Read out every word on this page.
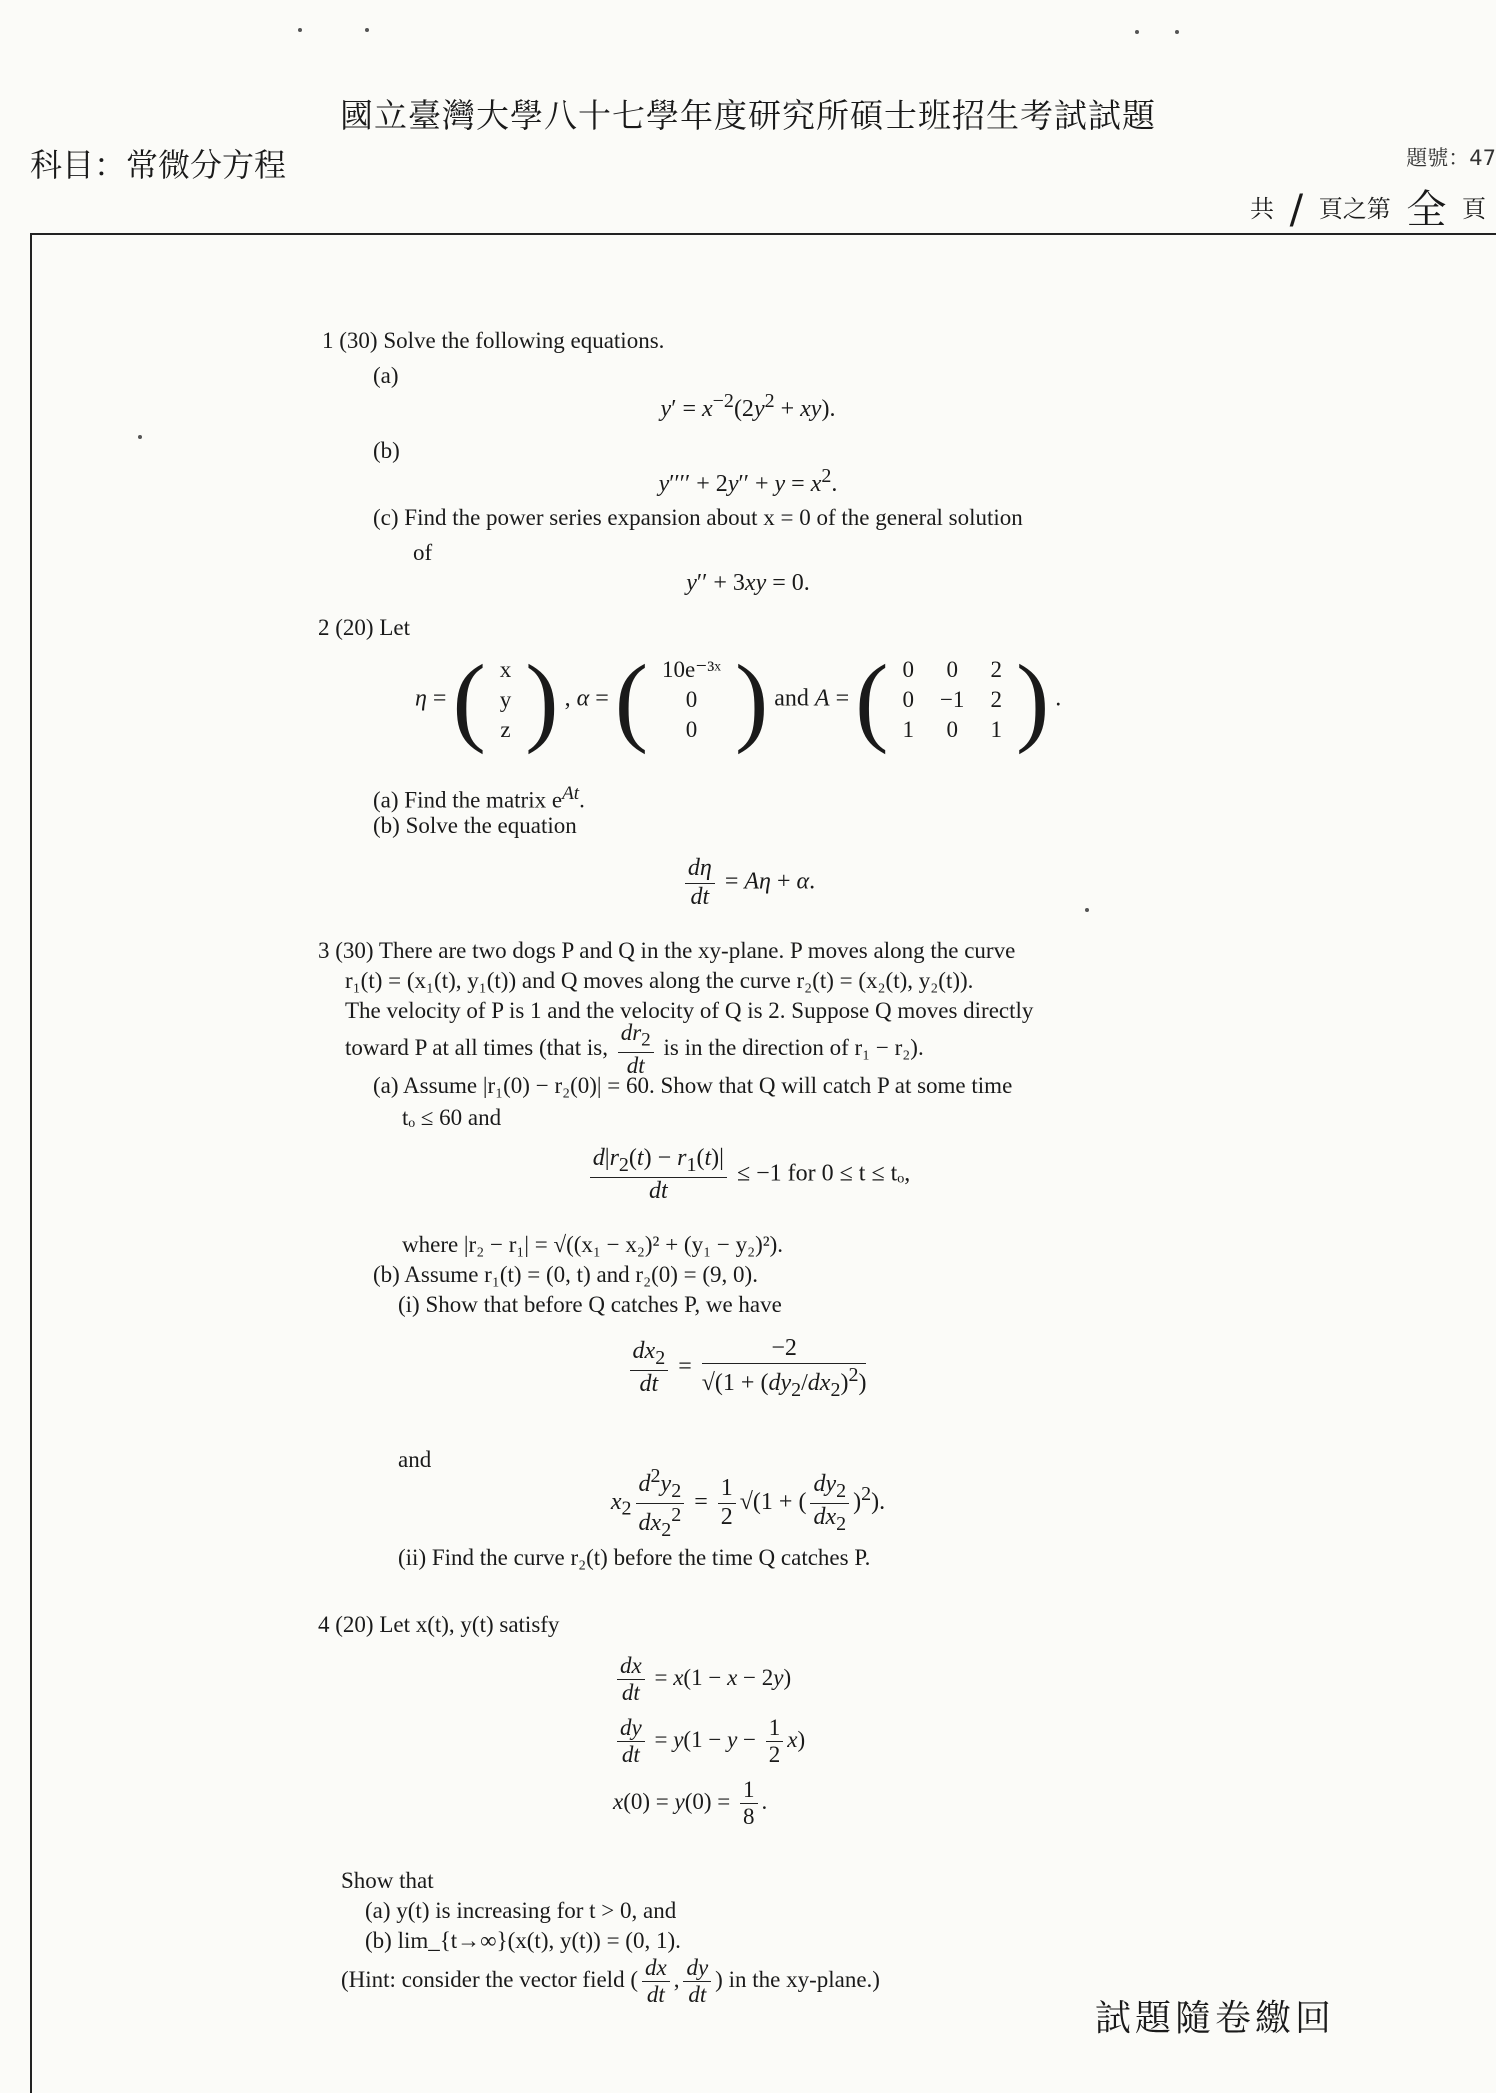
國立臺灣大學八十七學年度研究所碩士班招生考試試題
科目：常微分方程	題號：47
共 / 頁之第 全 頁
1 (30) Solve the following equations.
(a)
$y' = x^{-2}(2y^2 + xy)$.
(b)
$y'''' + 2y'' + y = x^2$.
(c) Find the power series expansion about x = 0 of the general solution
of
y′′ + 3xy = 0.
2 (20) Let
η = ( x
y
z ) , α = ( 10e⁻³ˣ
0
0 ) and A = ( 0	0	2
0	−1	2
1	0	1 ) .
(a) Find the matrix $e^{At}$.
(b) Solve the equation
$\frac{d\eta}{dt} = A\eta + \alpha$.
3 (30) There are two dogs P and Q in the xy-plane. P moves along the curve
r₁(t) = (x₁(t), y₁(t)) and Q moves along the curve r₂(t) = (x₂(t), y₂(t)).
The velocity of P is 1 and the velocity of Q is 2. Suppose Q moves directly
toward P at all times (that is, $\frac{dr_2}{dt}$ is in the direction of r₁ − r₂).
(a) Assume |r₁(0) − r₂(0)| = 60. Show that Q will catch P at some time
tₒ ≤ 60 and
$\frac{d|r_2(t) - r_1(t)|}{dt} \le -1$ for 0 ≤ t ≤ tₒ,
where |r₂ − r₁| = √((x₁ − x₂)² + (y₁ − y₂)²).
(b) Assume r₁(t) = (0, t) and r₂(0) = (9, 0).
(i) Show that before Q catches P, we have
$\frac{dx_2}{dt} = \frac{-2}{√(1 + (dy_2/dx_2)^2)}$
and
$x_2 \frac{d^2y_2}{dx_2^2} = \frac{1}{2} √(1$ + ( $\frac{dy_2}{dx_2} )^2$).
(ii) Find the curve r₂(t) before the time Q catches P.
4 (20) Let x(t), y(t) satisfy
$\frac{dx}{dt} = x(1 - x - 2y)$
$\frac{dy}{dt} = y(1 - y - \frac{1}{2} x)$
$x(0) = y(0) = \frac{1}{8}$ .
Show that
(a) y(t) is increasing for t > 0, and
(b) lim_{t→∞}(x(t), y(t)) = (0, 1).
(Hint: consider the vector field ( $\frac{dx}{dt}$ , $\frac{dy}{dt}$ ) in the xy-plane.)
試題隨卷繳回
